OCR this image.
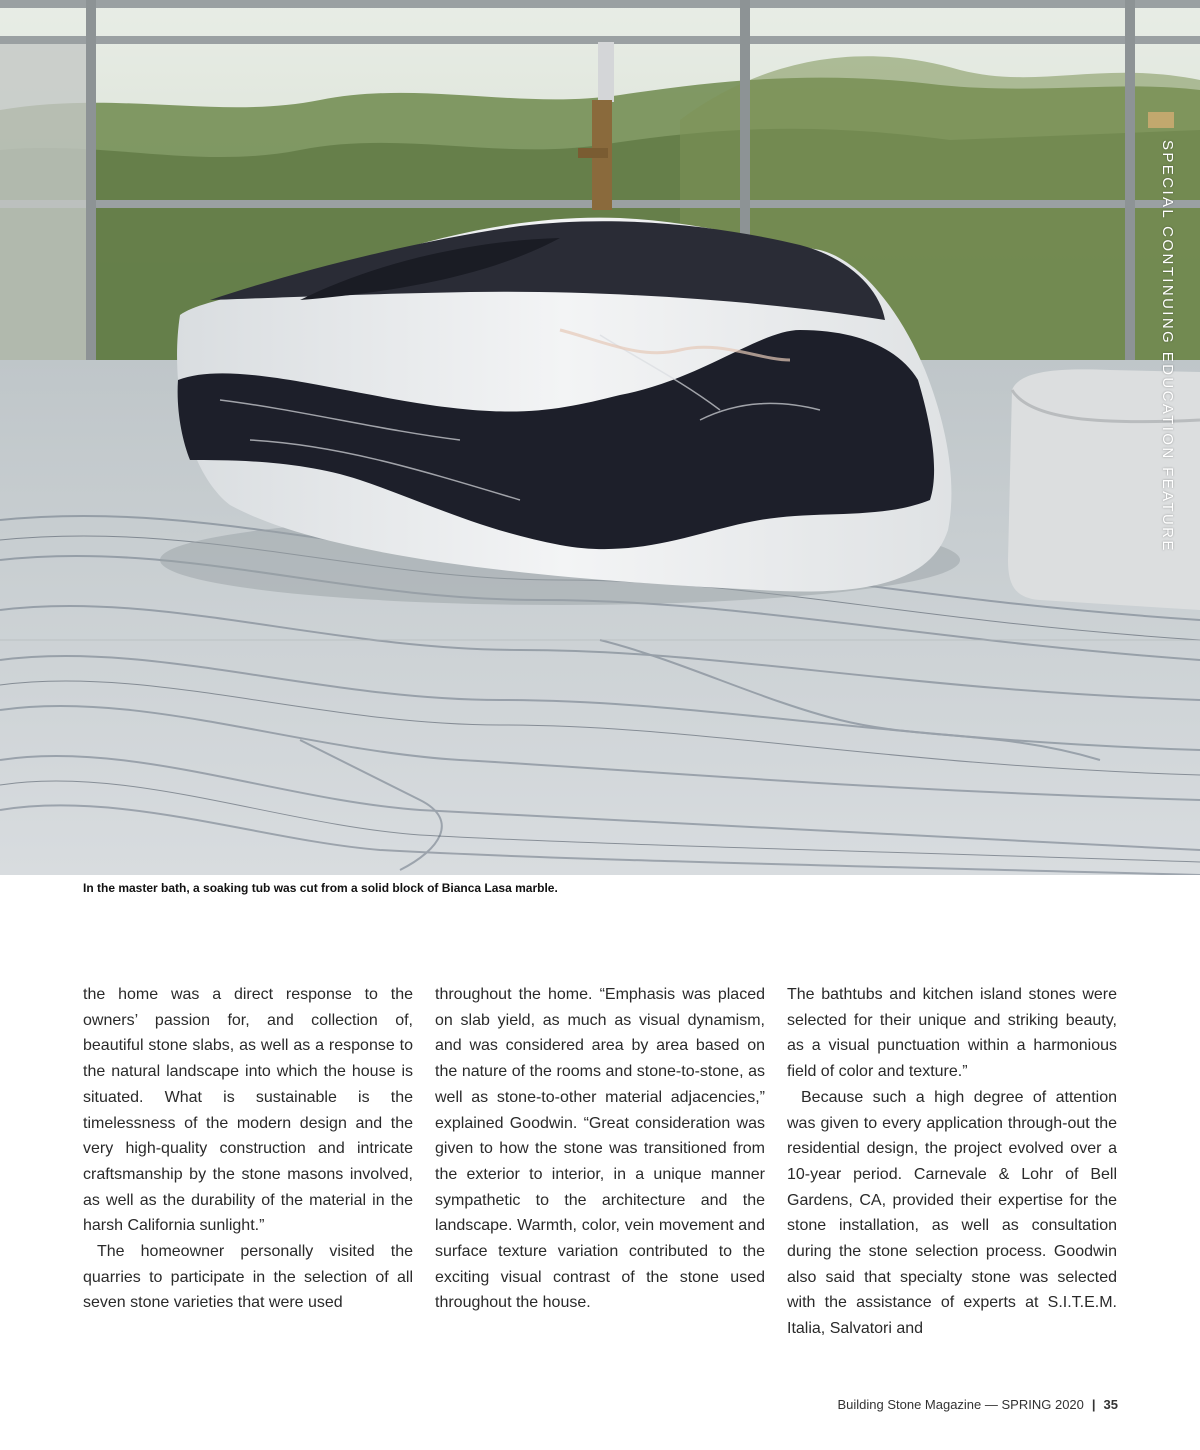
SPECIAL CONTINUING EDUCATION FEATURE
In the master bath, a soaking tub was cut from a solid block of Bianca Lasa marble.

the home was a direct response to the owners’ passion for, and collection of, beautiful stone slabs, as well as a response to the natural landscape into which the house is situated. What is sustainable is the timelessness of the modern design and the very high-quality construction and intricate craftsmanship by the stone masons involved, as well as the durability of the material in the harsh California sunlight.”

The homeowner personally visited the quarries to participate in the selection of all seven stone varieties that were used

throughout the home. “Emphasis was placed on slab yield, as much as visual dynamism, and was considered area by area based on the nature of the rooms and stone-to-stone, as well as stone-to-other material adjacencies,” explained Goodwin. “Great consideration was given to how the stone was transitioned from the exterior to interior, in a unique manner sympathetic to the architecture and the landscape. Warmth, color, vein movement and surface texture variation contributed to the exciting visual contrast of the stone used throughout the house.

The bathtubs and kitchen island stones were selected for their unique and striking beauty, as a visual punctuation within a harmonious field of color and texture.”

Because such a high degree of attention was given to every application through-out the residential design, the project evolved over a 10-year period. Carnevale & Lohr of Bell Gardens, CA, provided their expertise for the stone installation, as well as consultation during the stone selection process. Goodwin also said that specialty stone was selected with the assistance of experts at S.I.T.E.M. Italia, Salvatori and

Building Stone Magazine — SPRING 2020 | 35
